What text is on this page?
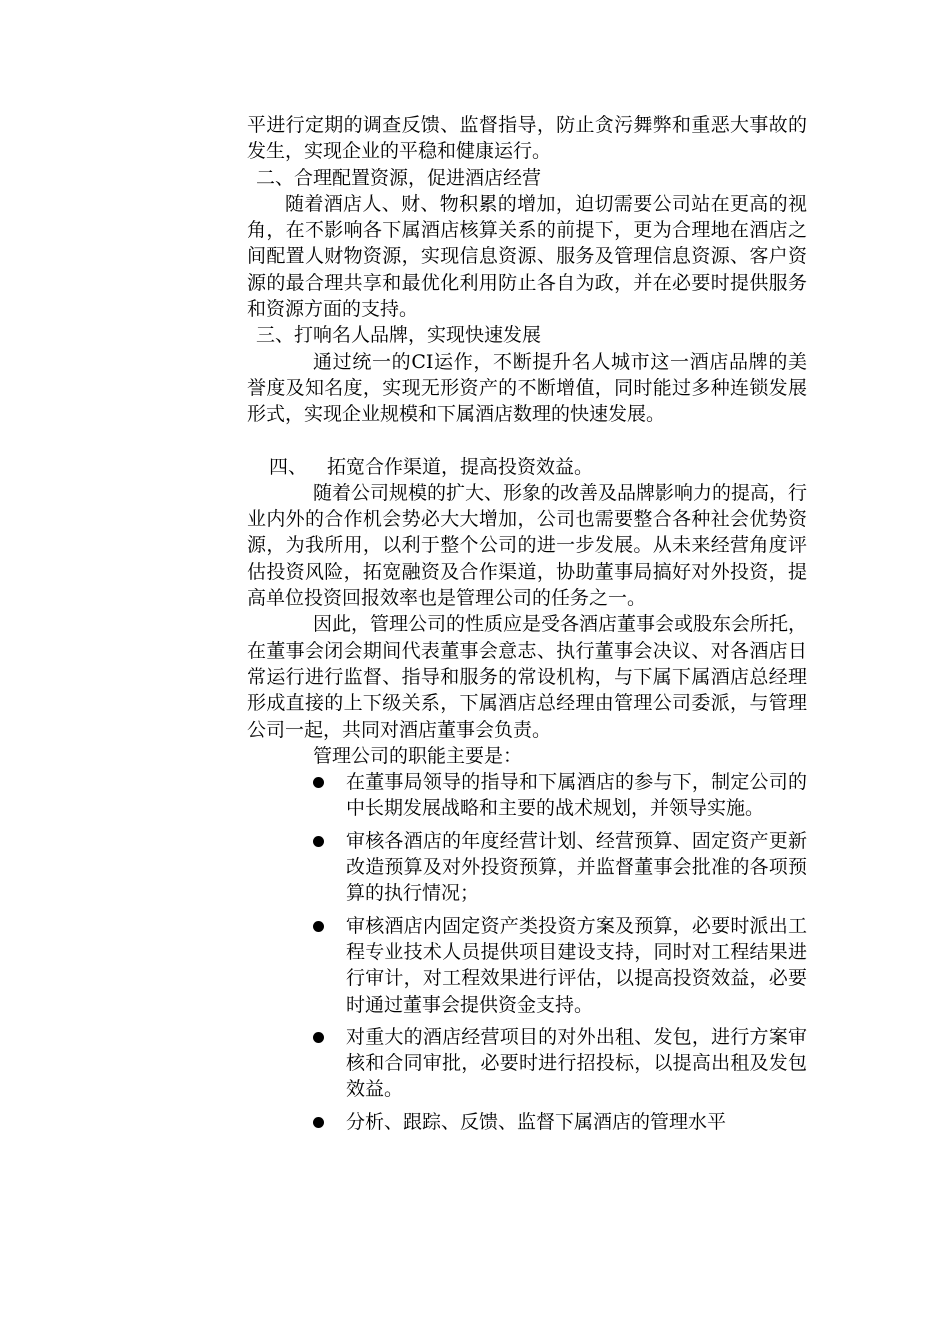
平进行定期的调查反馈、监督指导，防止贪污舞弊和重恶大事故的发生，实现企业的平稳和健康运行。

二、合理配置资源，促进酒店经营

随着酒店人、财、物积累的增加，迫切需要公司站在更高的视角，在不影响各下属酒店核算关系的前提下，更为合理地在酒店之间配置人财物资源，实现信息资源、服务及管理信息资源、客户资源的最合理共享和最优化利用防止各自为政，并在必要时提供服务和资源方面的支持。

三、打响名人品牌，实现快速发展

通过统一的CI运作，不断提升名人城市这一酒店品牌的美誉度及知名度，实现无形资产的不断增值，同时能过多种连锁发展形式，实现企业规模和下属酒店数理的快速发展。

四、 拓宽合作渠道，提高投资效益。

随着公司规模的扩大、形象的改善及品牌影响力的提高，行业内外的合作机会势必大大增加，公司也需要整合各种社会优势资源，为我所用，以利于整个公司的进一步发展。从未来经营角度评估投资风险，拓宽融资及合作渠道，协助董事局搞好对外投资，提高单位投资回报效率也是管理公司的任务之一。

因此，管理公司的性质应是受各酒店董事会或股东会所托，在董事会闭会期间代表董事会意志、执行董事会决议、对各酒店日常运行进行监督、指导和服务的常设机构，与下属下属酒店总经理形成直接的上下级关系，下属酒店总经理由管理公司委派，与管理公司一起，共同对酒店董事会负责。

管理公司的职能主要是：

在董事局领导的指导和下属酒店的参与下，制定公司的中长期发展战略和主要的战术规划，并领导实施。
审核各酒店的年度经营计划、经营预算、固定资产更新改造预算及对外投资预算，并监督董事会批准的各项预算的执行情况；
审核酒店内固定资产类投资方案及预算，必要时派出工程专业技术人员提供项目建设支持，同时对工程结果进行审计，对工程效果进行评估，以提高投资效益，必要时通过董事会提供资金支持。
对重大的酒店经营项目的对外出租、发包，进行方案审核和合同审批，必要时进行招投标，以提高出租及发包效益。
分析、跟踪、反馈、监督下属酒店的管理水平
